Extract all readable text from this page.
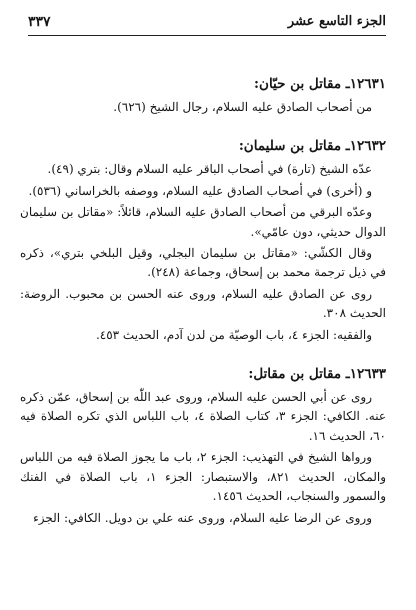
الجزء التاسع عشر
٣٣٧
١٢٦٣١ـ مقاتل بن حيّان:

من أصحاب الصادق عليه السلام، رجال الشيخ (٦٢٦).

١٢٦٣٢ـ مقاتل بن سليمان:

عدّه الشيخ (تارة) في أصحاب الباقر عليه السلام وقال: بتري (٤٩).

و (أخرى) في أصحاب الصادق عليه السلام، ووصفه بالخراساني (٥٣٦).

وعدّه البرقي من أصحاب الصادق عليه السلام، قائلاً: «مقاتل بن سليمان الدوال حديثي، دون عامّي».

وقال الكشّي: «مقاتل بن سليمان البجلي، وقيل البلخي بتري»، ذكره في ذيل ترجمة محمد بن إسحاق، وجماعة (٢٤٨).

روى عن الصادق عليه السلام، وروى عنه الحسن بن محبوب. الروضة: الحديث ٣٠٨.

والفقيه: الجزء ٤، باب الوصيّة من لدن آدم، الحديث ٤٥٣.

١٢٦٣٣ـ مقاتل بن مقاتل:

روى عن أبي الحسن عليه السلام، وروى عبد اللّٰه بن إسحاق، عمّن ذكره عنه. الكافي: الجزء ٣، كتاب الصلاة ٤، باب اللباس الذي تكره الصلاة فيه ٦٠، الحديث ١٦.

ورواها الشيخ في التهذيب: الجزء ٢، باب ما يجوز الصلاة فيه من اللباس والمكان، الحديث ٨٢١، والاستبصار: الجزء ١، باب الصلاة في الفنك والسمور والسنجاب، الحديث ١٤٥٦.

وروى عن الرضا عليه السلام، وروى عنه علي بن دويل. الكافي: الجزء
